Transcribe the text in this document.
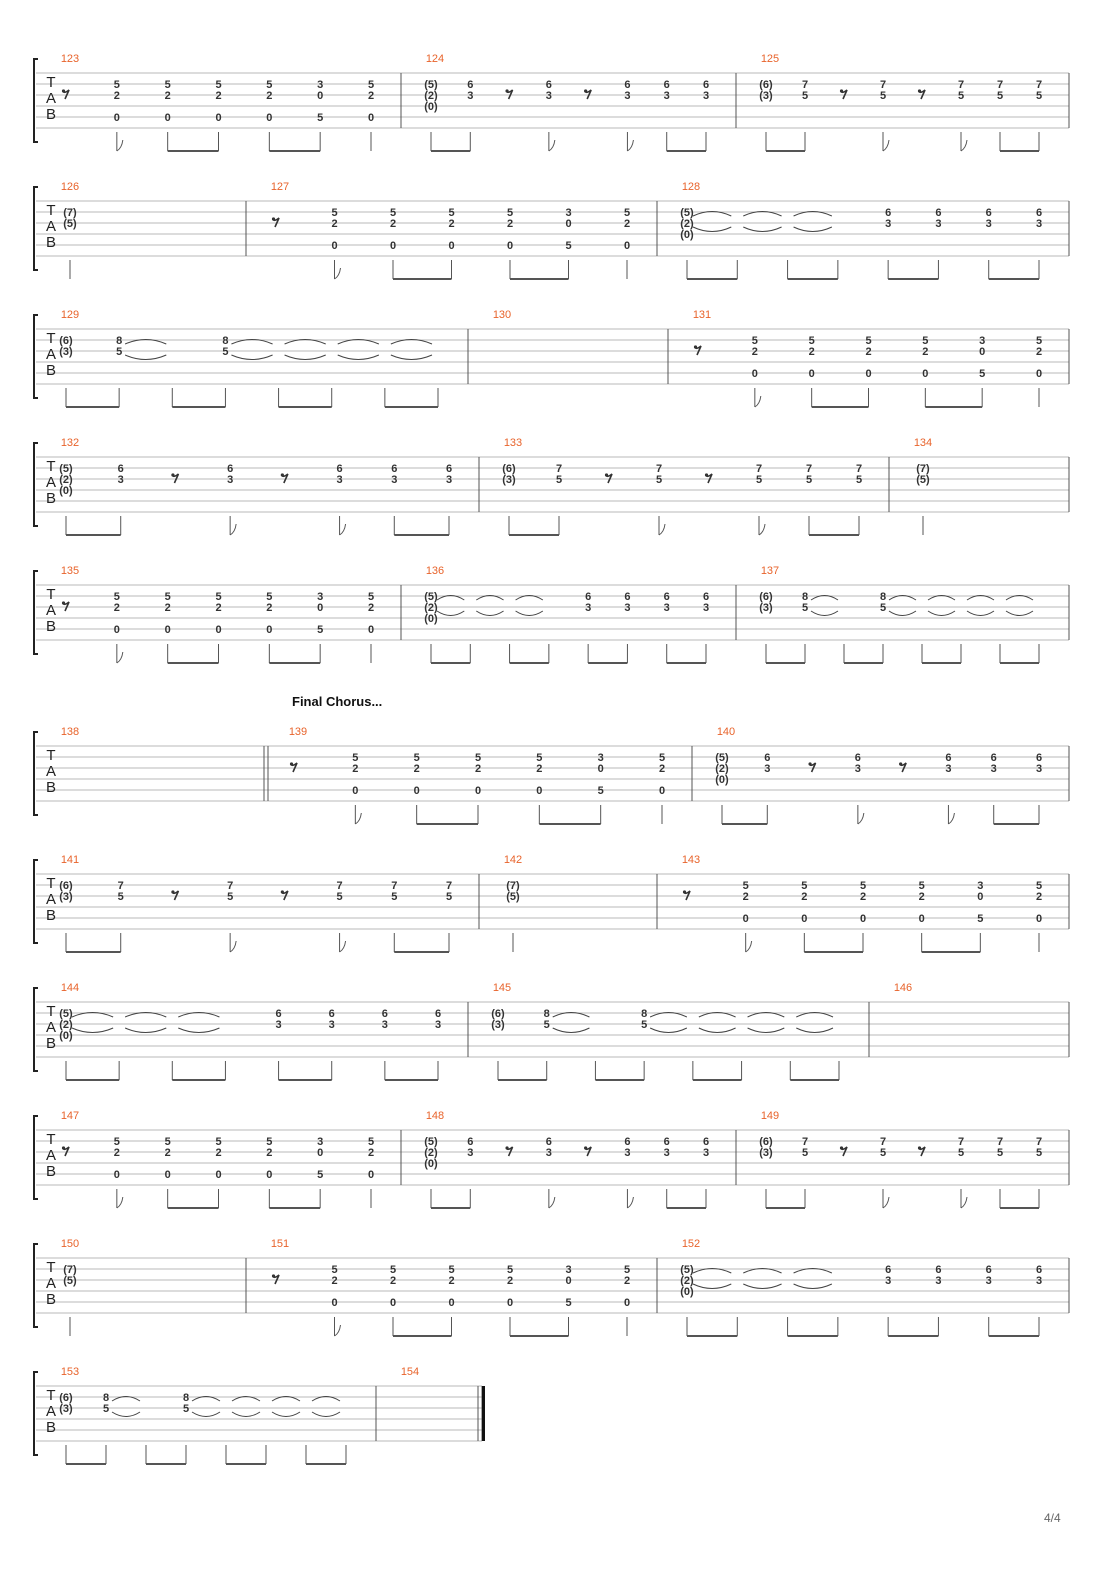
T
A
B
123
5
2
0
5
2
0
5
2
0
5
2
0
3
0
5
5
2
0
124
(5)
(2)
(0)
6
3
6
3
6
3
6
3
6
3
125
(6)
(3)
7
5
7
5
7
5
7
5
7
5
T
A
B
126
(7)
(5)
127
5
2
0
5
2
0
5
2
0
5
2
0
3
0
5
5
2
0
128
(5)
(2)
(0)
6
3
6
3
6
3
6
3
T
A
B
129
(6)
(3)
8
5
8
5
130	131
5
2
0
5
2
0
5
2
0
5
2
0
3
0
5
5
2
0
T
A
B
132
(5)
(2)
(0)
6
3
6
3
6
3
6
3
6
3
133
(6)
(3)
7
5
7
5
7
5
7
5
7
5
134
(7)
(5)
T
A
B
135
5
2
0
5
2
0
5
2
0
5
2
0
3
0
5
5
2
0
136
(5)
(2)
(0)
6
3
6
3
6
3
6
3
137
(6)
(3)
8
5
8
5
T
A
B
138	139
5
2
0
5
2
0
5
2
0
5
2
0
3
0
5
5
2
0
140
(5)
(2)
(0)
6
3
6
3
6
3
6
3
6
3
T
A
B
141
(6)
(3)
7
5
7
5
7
5
7
5
7
5
142
(7)
(5)
143
5
2
0
5
2
0
5
2
0
5
2
0
3
0
5
5
2
0
T
A
B
144
(5)
(2)
(0)
6
3
6
3
6
3
6
3
145
(6)
(3)
8
5
8
5
146
T
A
B
147
5
2
0
5
2
0
5
2
0
5
2
0
3
0
5
5
2
0
148
(5)
(2)
(0)
6
3
6
3
6
3
6
3
6
3
149
(6)
(3)
7
5
7
5
7
5
7
5
7
5
T
A
B
150
(7)
(5)
151
5
2
0
5
2
0
5
2
0
5
2
0
3
0
5
5
2
0
152
(5)
(2)
(0)
6
3
6
3
6
3
6
3
T
A
B
153
(6)
(3)
8
5
8
5
154
Final Chorus...
4/4
